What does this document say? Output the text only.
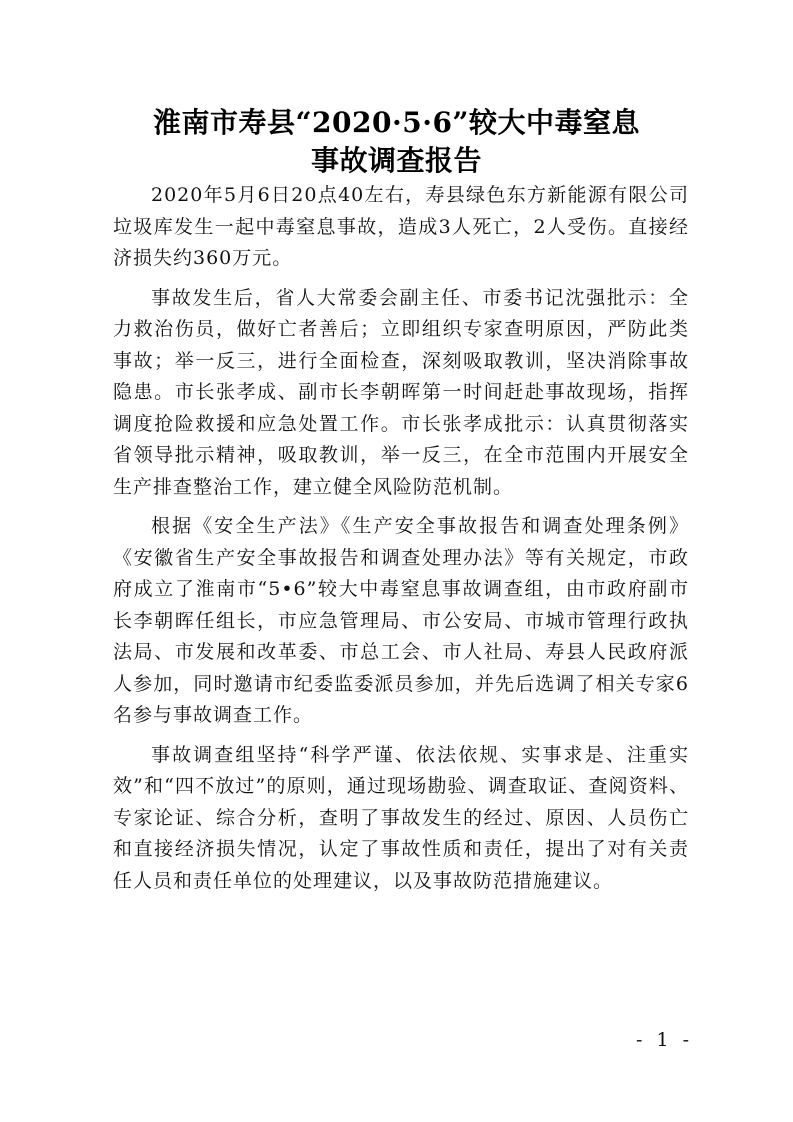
淮南市寿县“2020·5·6”较大中毒窒息
事故调查报告

2020年5月6日20点40左右，寿县绿色东方新能源有限公司垃圾库发生一起中毒窒息事故，造成3人死亡，2人受伤。直接经济损失约360万元。

事故发生后，省人大常委会副主任、市委书记沈强批示：全力救治伤员，做好亡者善后；立即组织专家查明原因，严防此类事故；举一反三，进行全面检查，深刻吸取教训，坚决消除事故隐患。市长张孝成、副市长李朝晖第一时间赶赴事故现场，指挥调度抢险救援和应急处置工作。市长张孝成批示：认真贯彻落实省领导批示精神，吸取教训，举一反三，在全市范围内开展安全生产排查整治工作，建立健全风险防范机制。

根据《安全生产法》《生产安全事故报告和调查处理条例》《安徽省生产安全事故报告和调查处理办法》等有关规定，市政府成立了淮南市“5•6”较大中毒窒息事故调查组，由市政府副市长李朝晖任组长，市应急管理局、市公安局、市城市管理行政执法局、市发展和改革委、市总工会、市人社局、寿县人民政府派人参加，同时邀请市纪委监委派员参加，并先后选调了相关专家6名参与事故调查工作。

事故调查组坚持“科学严谨、依法依规、实事求是、注重实效”和“四不放过”的原则，通过现场勘验、调查取证、查阅资料、专家论证、综合分析，查明了事故发生的经过、原因、人员伤亡和直接经济损失情况，认定了事故性质和责任，提出了对有关责任人员和责任单位的处理建议，以及事故防范措施建议。

- 1 -
